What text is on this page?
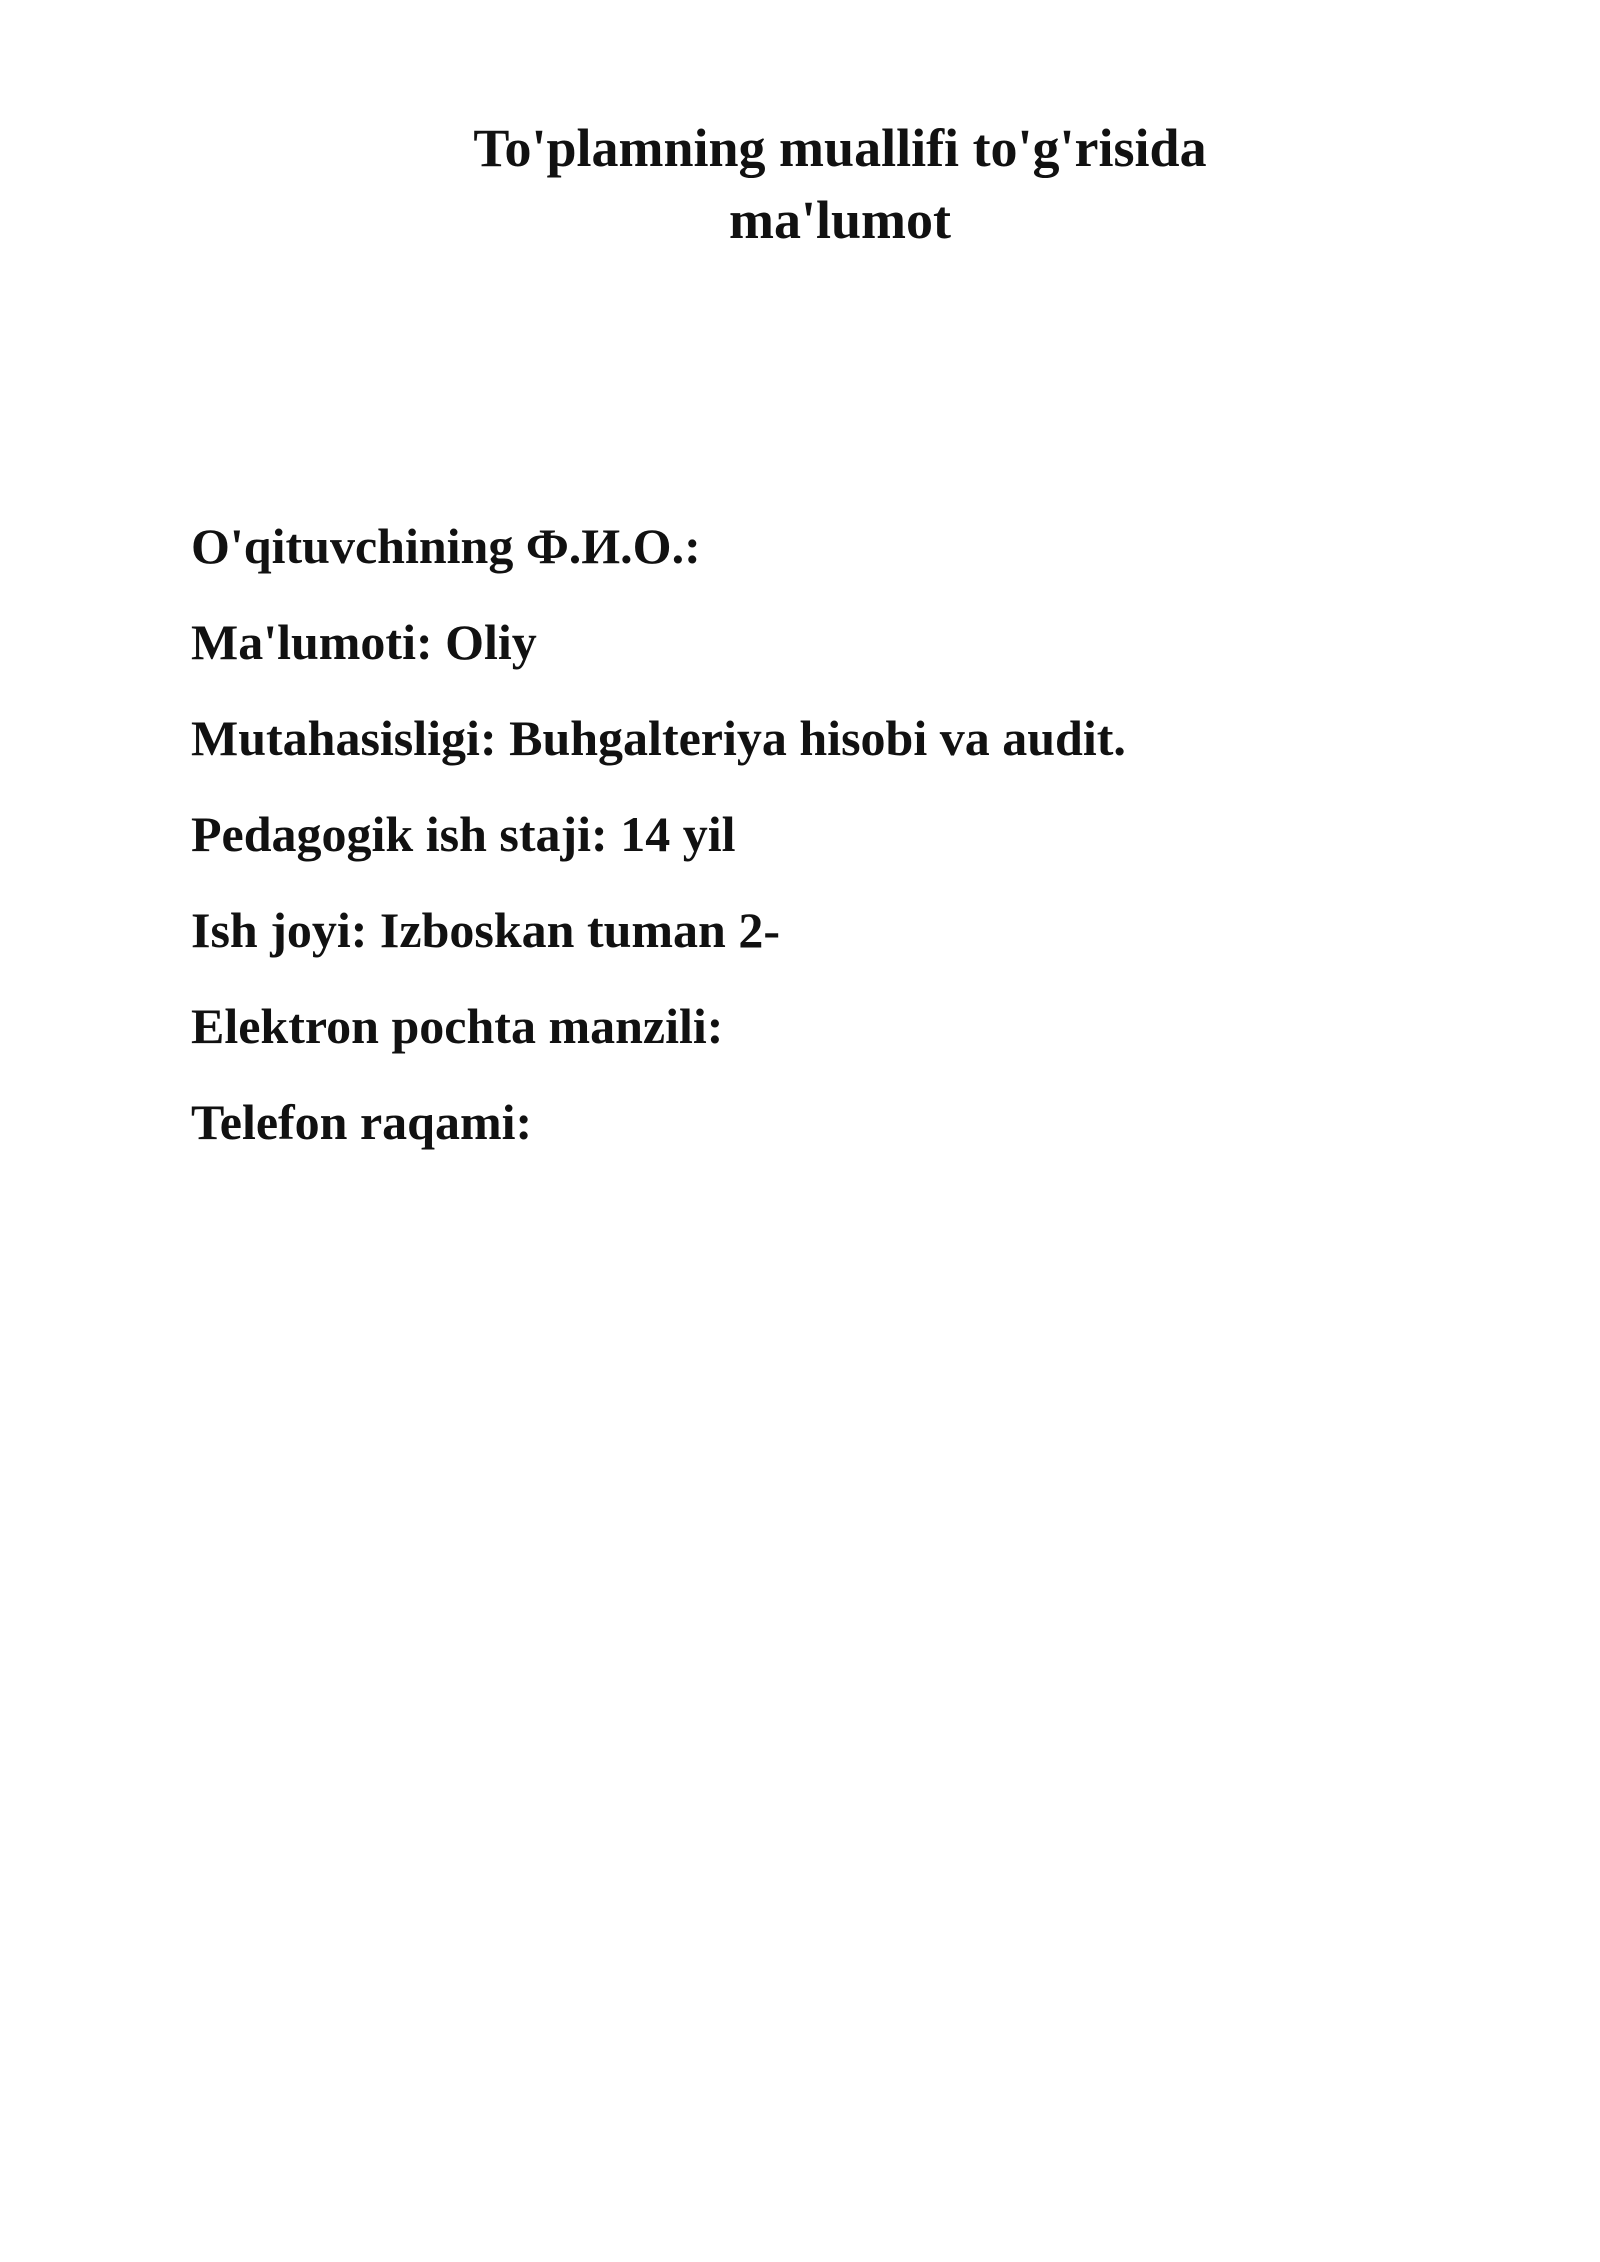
To'plamning muallifi to'g'risida
ma'lumot
O'qituvchining Ф.И.О.:
Ma'lumoti: Oliy
Mutahasisligi: Buhgalteriya hisobi va audit.
Pedagogik ish staji: 14 yil
Ish joyi: Izboskan tuman 2-
Elektron pochta manzili:
Telefon raqami:
